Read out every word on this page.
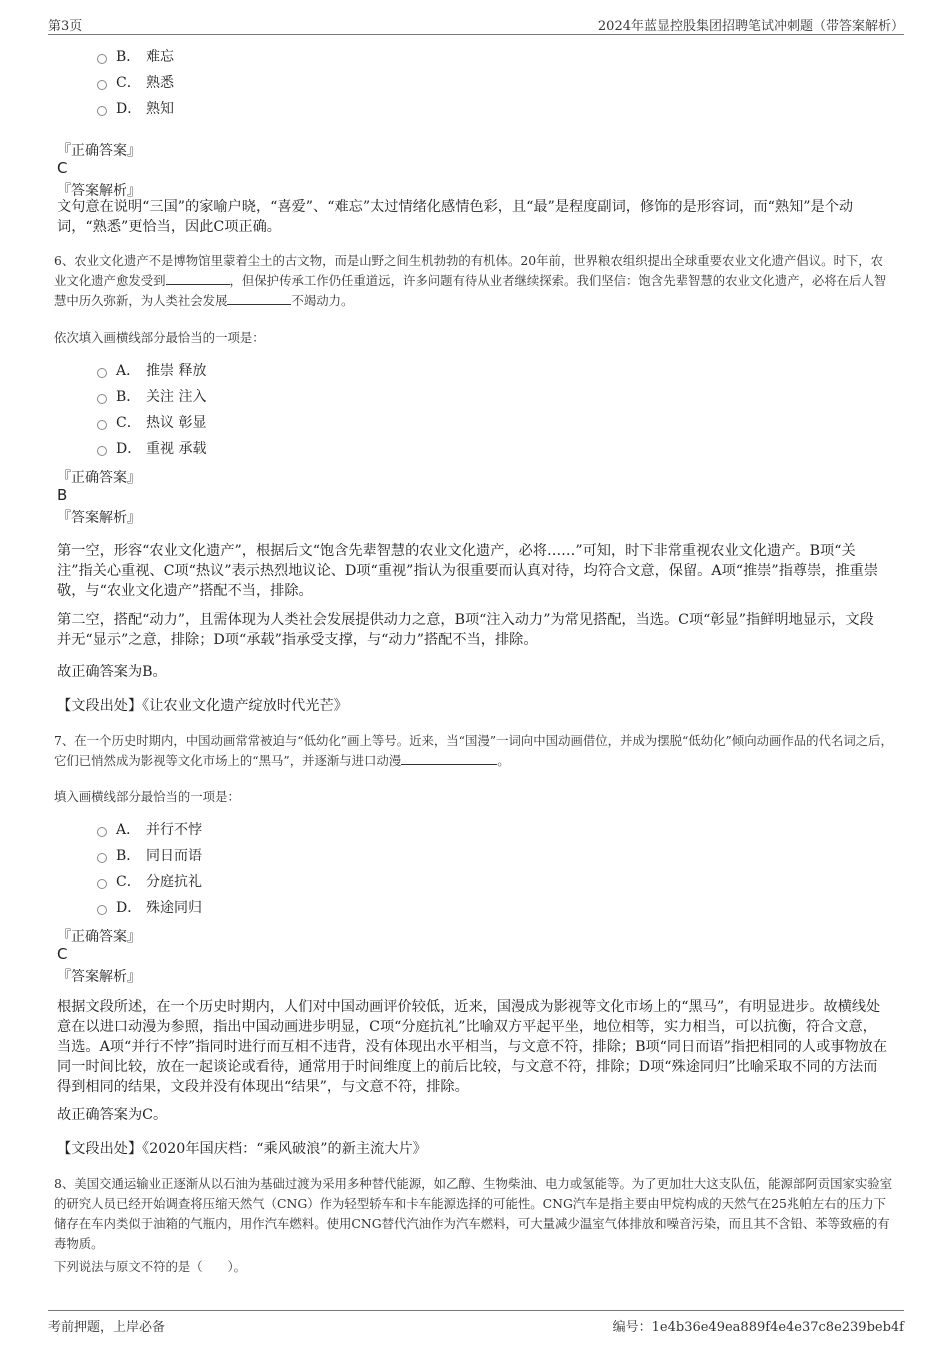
第3页	2024年蓝显控股集团招聘笔试冲刺题（带答案解析）
B． 难忘
C． 熟悉
D． 熟知
『正确答案』
C
『答案解析』
文句意在说明“三国”的家喻户晓，“喜爱”、“难忘”太过情绪化感情色彩，且“最”是程度副词，修饰的是形容词，而“熟知”是个动词，“熟悉”更恰当，因此C项正确。
6、农业文化遗产不是博物馆里蒙着尘土的古文物，而是山野之间生机勃勃的有机体。20年前，世界粮农组织提出全球重要农业文化遗产倡议。时下，农业文化遗产愈发受到	，但保护传承工作仍任重道远，许多问题有待从业者继续探索。我们坚信：饱含先辈智慧的农业文化遗产，必将在后人智慧中历久弥新，为人类社会发展	不竭动力。
依次填入画横线部分最恰当的一项是：
A． 推崇 释放
B． 关注 注入
C． 热议 彰显
D． 重视 承载
『正确答案』
B
『答案解析』
第一空，形容“农业文化遗产”，根据后文“饱含先辈智慧的农业文化遗产，必将……”可知，时下非常重视农业文化遗产。B项“关注”指关心重视、C项“热议”表示热烈地议论、D项“重视”指认为很重要而认真对待，均符合文意，保留。A项“推崇”指尊崇，推重崇敬，与“农业文化遗产”搭配不当，排除。
第二空，搭配“动力”，且需体现为人类社会发展提供动力之意，B项“注入动力”为常见搭配，当选。C项“彰显”指鲜明地显示，文段并无“显示”之意，排除；D项“承载”指承受支撑，与“动力”搭配不当，排除。
故正确答案为B。
【文段出处】《让农业文化遗产绽放时代光芒》
7、在一个历史时期内，中国动画常常被迫与“低幼化”画上等号。近来，当“国漫”一词向中国动画借位，并成为摆脱“低幼化”倾向动画作品的代名词之后，它们已悄然成为影视等文化市场上的“黑马”，并逐渐与进口动漫	。
填入画横线部分最恰当的一项是：
A． 并行不悖
B． 同日而语
C． 分庭抗礼
D． 殊途同归
『正确答案』
C
『答案解析』
根据文段所述，在一个历史时期内，人们对中国动画评价较低，近来，国漫成为影视等文化市场上的“黑马”，有明显进步。故横线处意在以进口动漫为参照，指出中国动画进步明显，C项“分庭抗礼”比喻双方平起平坐，地位相等，实力相当，可以抗衡，符合文意，当选。A项“并行不悖”指同时进行而互相不违背，没有体现出水平相当，与文意不符，排除；B项“同日而语”指把相同的人或事物放在同一时间比较，放在一起谈论或看待，通常用于时间维度上的前后比较，与文意不符，排除；D项“殊途同归”比喻采取不同的方法而得到相同的结果，文段并没有体现出“结果”，与文意不符，排除。
故正确答案为C。
【文段出处】《2020年国庆档：“乘风破浪”的新主流大片》
8、美国交通运输业正逐渐从以石油为基础过渡为采用多种替代能源，如乙醇、生物柴油、电力或氢能等。为了更加壮大这支队伍，能源部阿贡国家实验室的研究人员已经开始调查将压缩天然气（CNG）作为轻型轿车和卡车能源选择的可能性。CNG汽车是指主要由甲烷构成的天然气在25兆帕左右的压力下储存在车内类似于油箱的气瓶内，用作汽车燃料。使用CNG替代汽油作为汽车燃料，可大量减少温室气体排放和噪音污染，而且其不含铅、苯等致癌的有毒物质。
下列说法与原文不符的是（　　）。
考前押题，上岸必备	编号：1e4b36e49ea889f4e4e37c8e239beb4f
